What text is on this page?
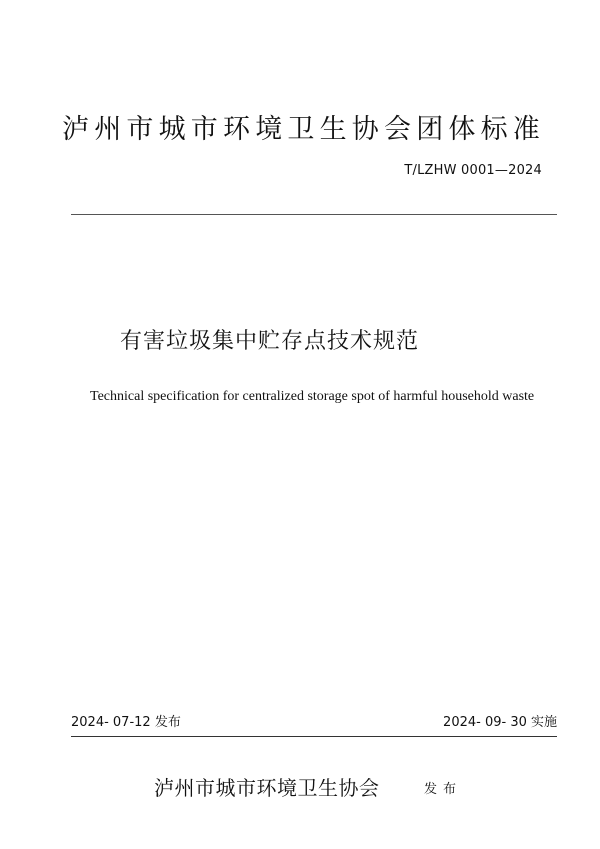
泸州市城市环境卫生协会团体标准
T/LZHW 0001—2024
有害垃圾集中贮存点技术规范
Technical specification for centralized storage spot of harmful household waste
2024- 07-12 发布	2024- 09- 30 实施
泸州市城市环境卫生协会	发布
